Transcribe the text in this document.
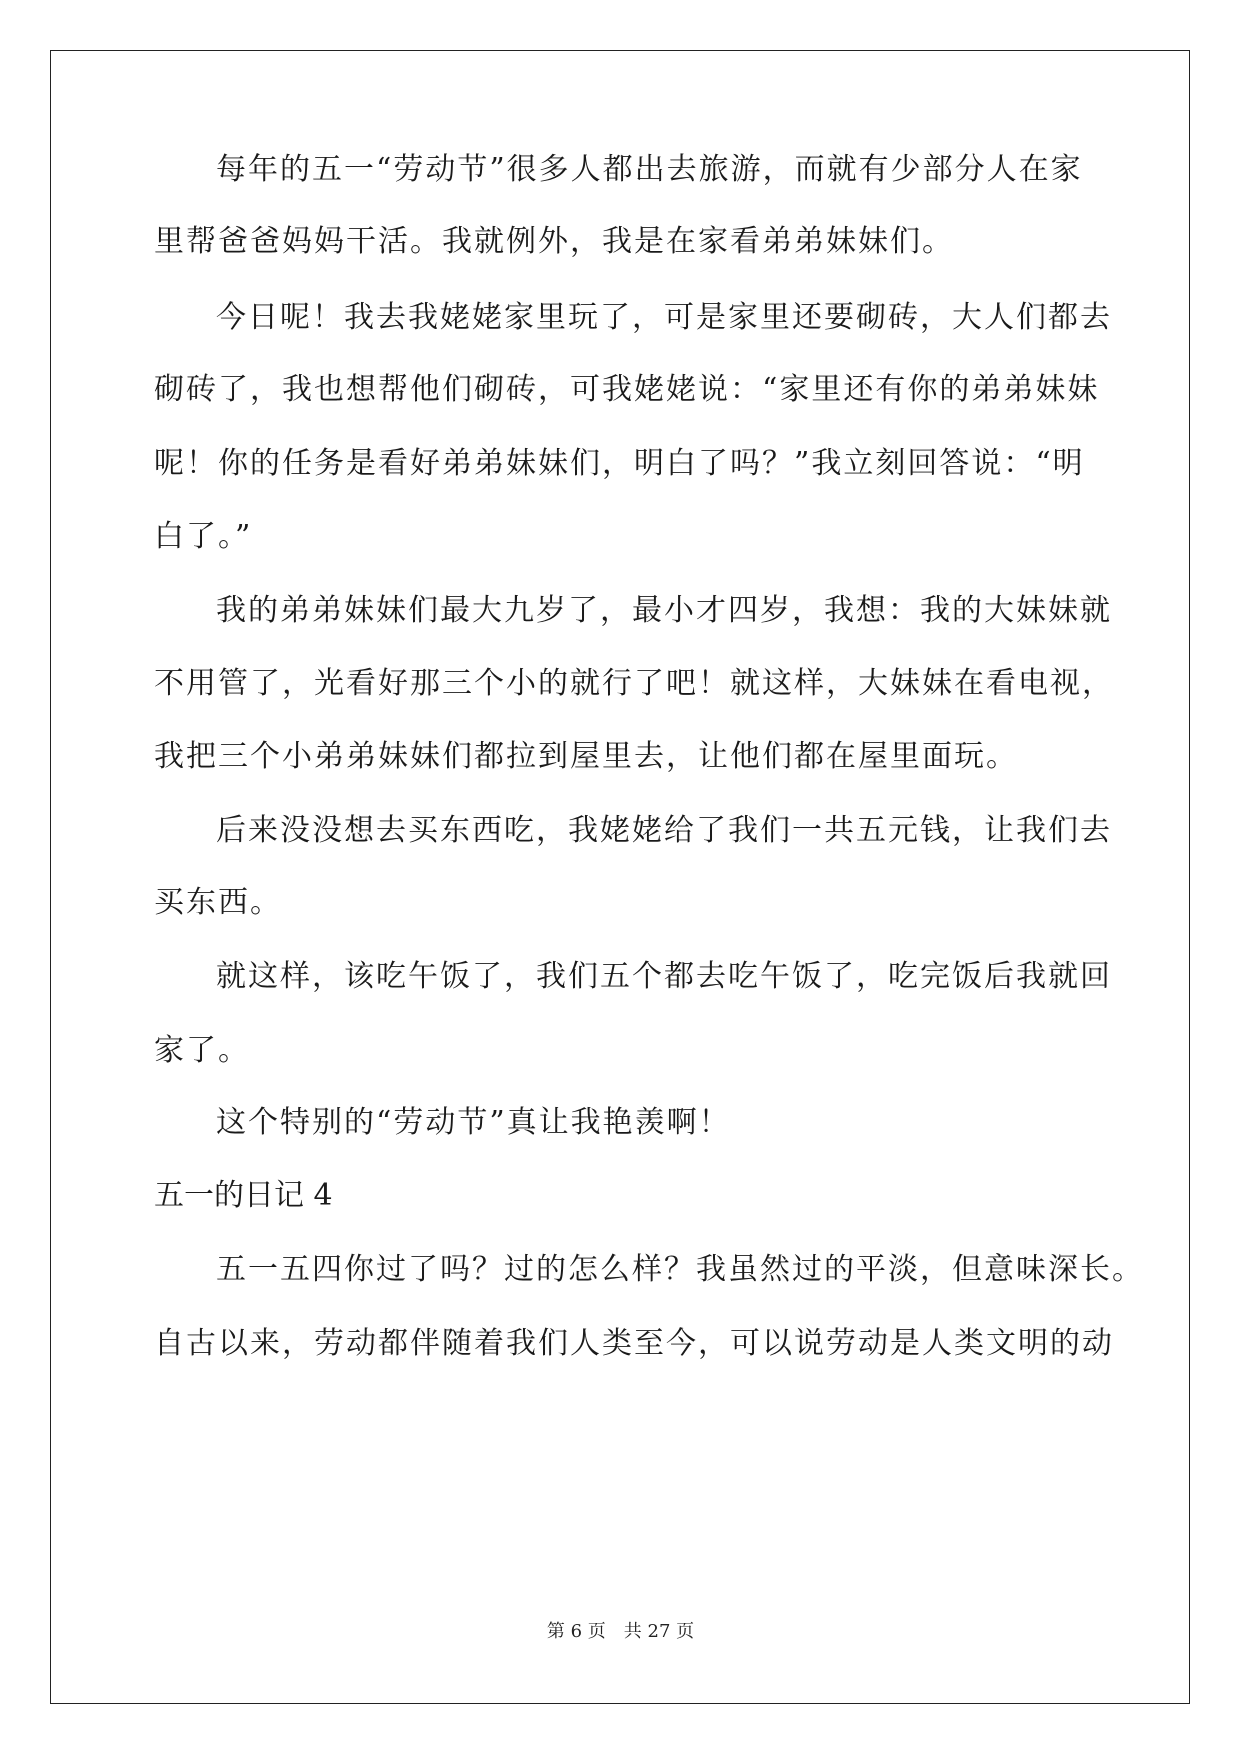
每年的五一“劳动节”很多人都出去旅游，而就有少部分人在家
里帮爸爸妈妈干活。我就例外，我是在家看弟弟妹妹们。
今日呢！我去我姥姥家里玩了，可是家里还要砌砖，大人们都去
砌砖了，我也想帮他们砌砖，可我姥姥说：“家里还有你的弟弟妹妹
呢！你的任务是看好弟弟妹妹们，明白了吗？”我立刻回答说：“明
白了。”
我的弟弟妹妹们最大九岁了，最小才四岁，我想：我的大妹妹就
不用管了，光看好那三个小的就行了吧！就这样，大妹妹在看电视，
我把三个小弟弟妹妹们都拉到屋里去，让他们都在屋里面玩。
后来没没想去买东西吃，我姥姥给了我们一共五元钱，让我们去
买东西。
就这样，该吃午饭了，我们五个都去吃午饭了，吃完饭后我就回
家了。
这个特别的“劳动节”真让我艳羡啊！
五一的日记 4
五一五四你过了吗？过的怎么样？我虽然过的平淡，但意味深长。
自古以来，劳动都伴随着我们人类至今，可以说劳动是人类文明的动
第 6 页 共 27 页
